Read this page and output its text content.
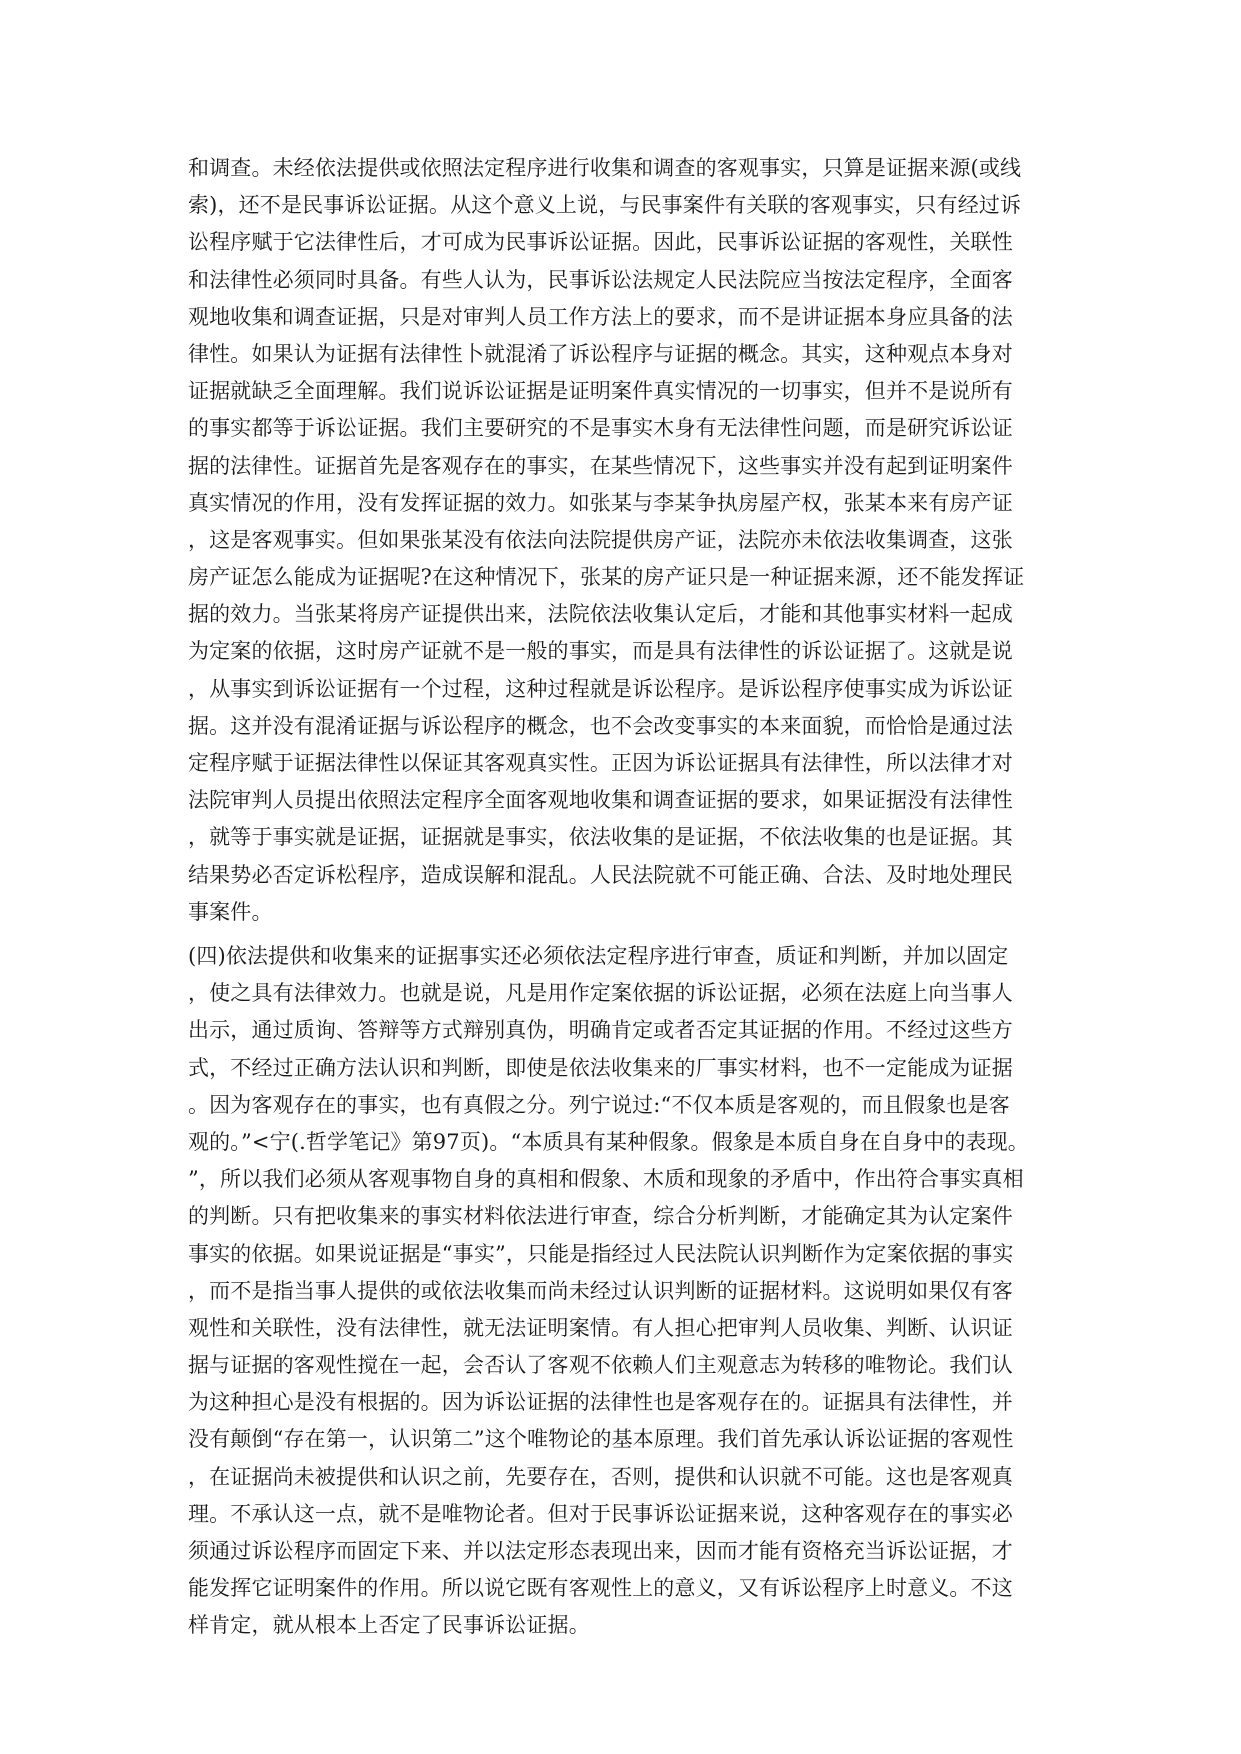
和调查。未经依法提供或依照法定程序进行收集和调查的客观事实，只算是证据来源(或线
索)，还不是民事诉讼证据。从这个意义上说，与民事案件有关联的客观事实，只有经过诉
讼程序赋于它法律性后，才可成为民事诉讼证据。因此，民事诉讼证据的客观性，关联性
和法律性必须同时具备。有些人认为，民事诉讼法规定人民法院应当按法定程序，全面客
观地收集和调查证据，只是对审判人员工作方法上的要求，而不是讲证据本身应具备的法
律性。如果认为证据有法律性卜就混淆了诉讼程序与证据的概念。其实，这种观点本身对
证据就缺乏全面理解。我们说诉讼证据是证明案件真实情况的一切事实，但并不是说所有
的事实都等于诉讼证据。我们主要研究的不是事实木身有无法律性问题，而是研究诉讼证
据的法律性。证据首先是客观存在的事实，在某些情况下，这些事实并没有起到证明案件
真实情况的作用，没有发挥证据的效力。如张某与李某争执房屋产权，张某本来有房产证
，这是客观事实。但如果张某没有依法向法院提供房产证，法院亦未依法收集调查，这张
房产证怎么能成为证据呢?在这种情况下，张某的房产证只是一种证据来源，还不能发挥证
据的效力。当张某将房产证提供出来，法院依法收集认定后，才能和其他事实材料一起成
为定案的依据，这时房产证就不是一般的事实，而是具有法律性的诉讼证据了。这就是说
，从事实到诉讼证据有一个过程，这种过程就是诉讼程序。是诉讼程序使事实成为诉讼证
据。这并没有混淆证据与诉讼程序的概念，也不会改变事实的本来面貌，而恰恰是通过法
定程序赋于证据法律性以保证其客观真实性。正因为诉讼证据具有法律性，所以法律才对
法院审判人员提出依照法定程序全面客观地收集和调查证据的要求，如果证据没有法律性
，就等于事实就是证据，证据就是事实，依法收集的是证据，不依法收集的也是证据。其
结果势必否定诉松程序，造成误解和混乱。人民法院就不可能正确、合法、及时地处理民
事案件。
(四)依法提供和收集来的证据事实还必须依法定程序进行审查，质证和判断，并加以固定
，使之具有法律效力。也就是说，凡是用作定案依据的诉讼证据，必须在法庭上向当事人
出示，通过质询、答辩等方式辩别真伪，明确肯定或者否定其证据的作用。不经过这些方
式，不经过正确方法认识和判断，即使是依法收集来的厂事实材料，也不一定能成为证据
。因为客观存在的事实，也有真假之分。列宁说过:“不仅本质是客观的，而且假象也是客
观的。”<宁(.哲学笔记》第97页)。“本质具有某种假象。假象是本质自身在自身中的表现。
”，所以我们必须从客观事物自身的真相和假象、木质和现象的矛盾中，作出符合事实真相
的判断。只有把收集来的事实材料依法进行审查，综合分析判断，才能确定其为认定案件
事实的依据。如果说证据是“事实”，只能是指经过人民法院认识判断作为定案依据的事实
，而不是指当事人提供的或依法收集而尚未经过认识判断的证据材料。这说明如果仅有客
观性和关联性，没有法律性，就无法证明案情。有人担心把审判人员收集、判断、认识证
据与证据的客观性搅在一起，会否认了客观不依赖人们主观意志为转移的唯物论。我们认
为这种担心是没有根据的。因为诉讼证据的法律性也是客观存在的。证据具有法律性，并
没有颠倒“存在第一，认识第二”这个唯物论的基本原理。我们首先承认诉讼证据的客观性
，在证据尚未被提供和认识之前，先要存在，否则，提供和认识就不可能。这也是客观真
理。不承认这一点，就不是唯物论者。但对于民事诉讼证据来说，这种客观存在的事实必
须通过诉讼程序而固定下来、并以法定形态表现出来，因而才能有资格充当诉讼证据，才
能发挥它证明案件的作用。所以说它既有客观性上的意义，又有诉讼程序上时意义。不这
样肯定，就从根本上否定了民事诉讼证据。
